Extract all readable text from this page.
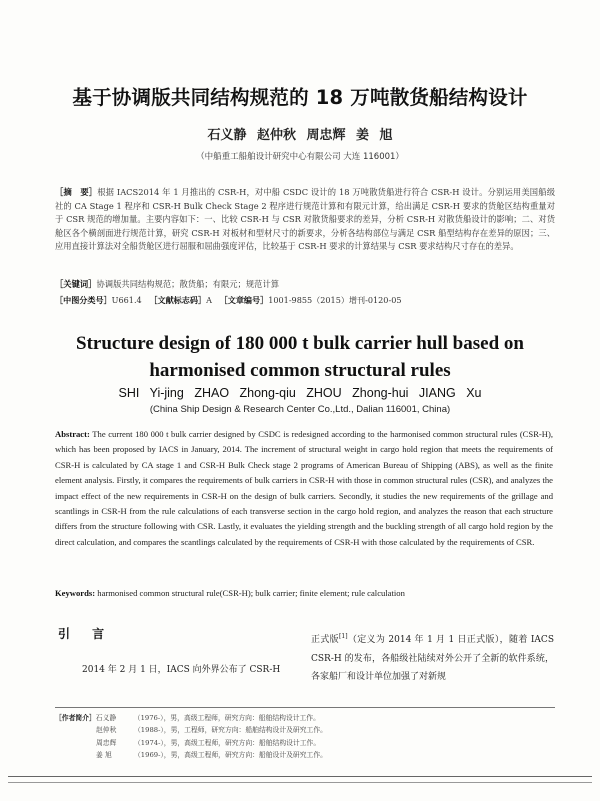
基于协调版共同结构规范的 18 万吨散货船结构设计
石义静 赵仲秋 周忠辉 姜 旭
（中船重工船舶设计研究中心有限公司 大连 116001）
［摘　要］根据 IACS2014 年 1 月推出的 CSR-H，对中船 CSDC 设计的 18 万吨散货船进行符合 CSR-H 设计。分别运用美国船级社的 CA Stage 1 程序和 CSR-H Bulk Check Stage 2 程序进行规范计算和有限元计算，给出满足 CSR-H 要求的货舱区结构重量对于 CSR 规范的增加量。主要内容如下：一、比较 CSR-H 与 CSR 对散货船要求的差异，分析 CSR-H 对散货船设计的影响；二、对货舱区各个横剖面进行规范计算，研究 CSR-H 对板材和型材尺寸的新要求，分析各结构部位与满足 CSR 船型结构存在差异的原因；三、应用直接计算法对全船货舱区进行屈服和屈曲强度评估，比较基于 CSR-H 要求的计算结果与 CSR 要求结构尺寸存在的差异。
［关键词］协调版共同结构规范；散货船；有限元；规范计算
［中图分类号］U661.4 ［文献标志码］A ［文章编号］1001-9855（2015）增刊-0120-05
Structure design of 180 000 t bulk carrier hull based on harmonised common structural rules
SHI Yi-jing ZHAO Zhong-qiu ZHOU Zhong-hui JIANG Xu
(China Ship Design & Research Center Co.,Ltd., Dalian 116001, China)
Abstract: The current 180 000 t bulk carrier designed by CSDC is redesigned according to the harmonised common structural rules (CSR-H), which has been proposed by IACS in January, 2014. The increment of structural weight in cargo hold region that meets the requirements of CSR-H is calculated by CA stage 1 and CSR-H Bulk Check stage 2 programs of American Bureau of Shipping (ABS), as well as the finite element analysis. Firstly, it compares the requirements of bulk carriers in CSR-H with those in common structural rules (CSR), and analyzes the impact effect of the new requirements in CSR-H on the design of bulk carriers. Secondly, it studies the new requirements of the grillage and scantlings in CSR-H from the rule calculations of each transverse section in the cargo hold region, and analyzes the reason that each structure differs from the structure following with CSR. Lastly, it evaluates the yielding strength and the buckling strength of all cargo hold region by the direct calculation, and compares the scantlings calculated by the requirements of CSR-H with those calculated by the requirements of CSR.
Keywords: harmonised common structural rule(CSR-H); bulk carrier; finite element; rule calculation
引 言
2014 年 2 月 1 日，IACS 向外界公布了 CSR-H
正式版[1]（定义为 2014 年 1 月 1 日正式版），随着 IACS CSR-H 的发布，各船级社陆续对外公开了全新的软件系统，各家船厂和设计单位加强了对新规
［作者简介］石义静	（1976-），男，高级工程师，研究方向：船舶结构设计工作。
赵仲秋	（1988-），男，工程师，研究方向：船舶结构设计及研究工作。
周忠辉	（1974-），男，高级工程师，研究方向：船舶结构设计工作。
姜 旭	（1969-），男，高级工程师，研究方向：船舶设计及研究工作。
